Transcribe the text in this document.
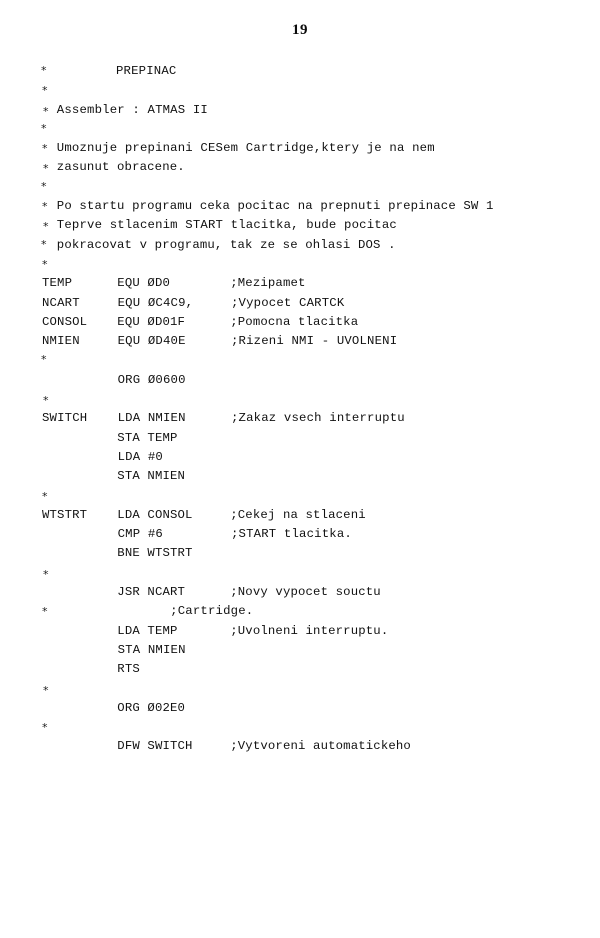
19
*	PREPINAC
*
* Assembler : ATMAS II
*
* Umoznuje prepinani CESem Cartridge,ktery je na nem
* zasunut obracene.
*
* Po startu programu ceka pocitac na prepnuti prepinace SW 1
* Teprve stlacenim START tlacitka, bude pocitac
* pokracovat v programu, tak ze se ohlasi DOS .
*
TEMP      EQU ØD0        ;Mezipamet
NCART     EQU ØC4C9,     ;Vypocet CARTCK
CONSOL    EQU ØD01F      ;Pomocna tlacitka
NMIEN     EQU ØD40E      ;Rizeni NMI - UVOLNENI
*
ORG Ø0600
*
SWITCH    LDA NMIEN      ;Zakaz vsech interruptu
STA TEMP
LDA #0
STA NMIEN
*
WTSTRT    LDA CONSOL     ;Cekej na stlaceni
CMP #6         ;START tlacitka.
BNE WTSTRT
*
JSR NCART      ;Novy vypocet souctu
* ;Cartridge.
LDA TEMP       ;Uvolneni interruptu.
STA NMIEN
RTS
*
ORG Ø02E0
*
DFW SWITCH     ;Vytvoreni automatickeho
